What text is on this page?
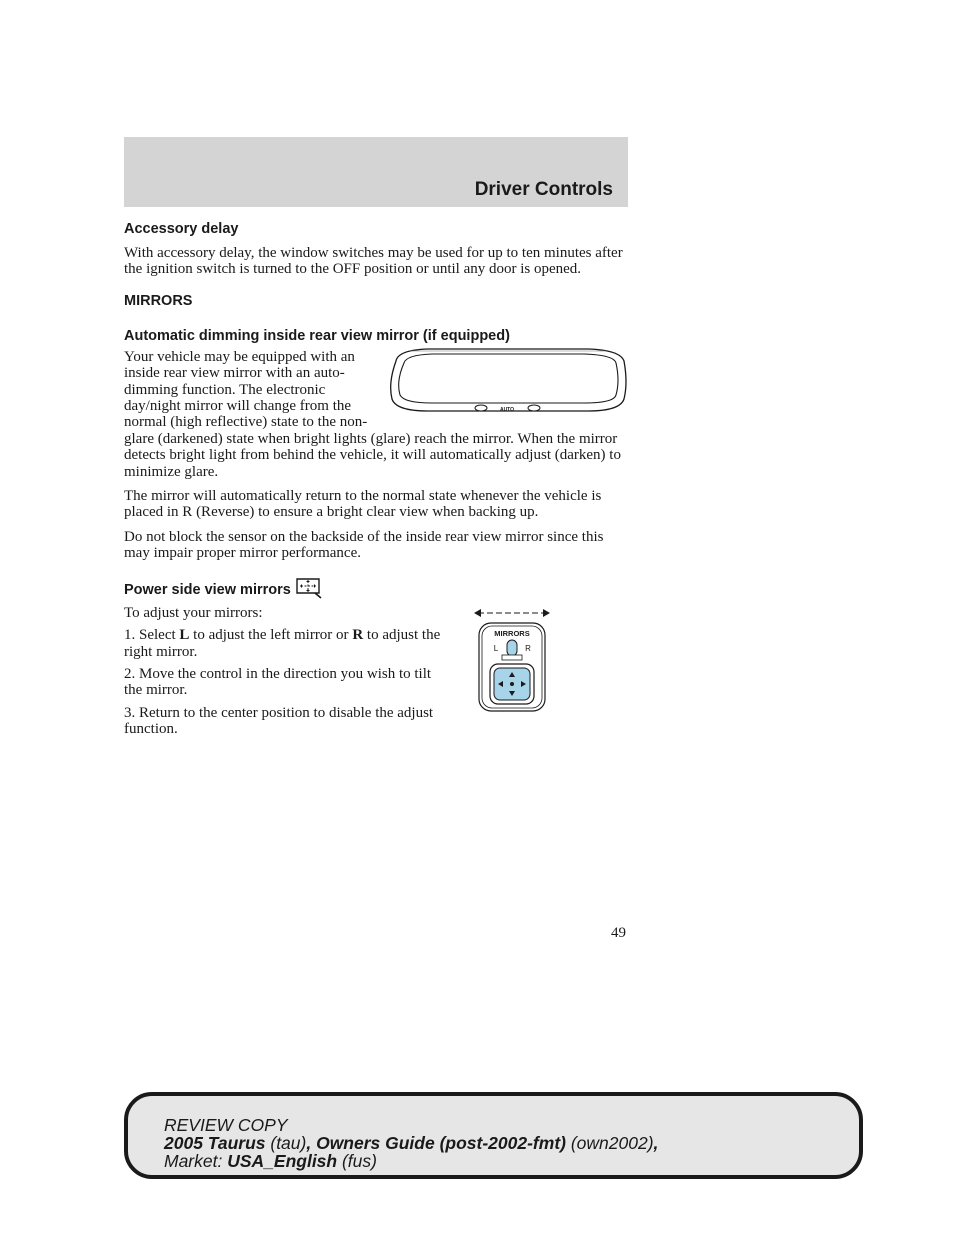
Driver Controls
Accessory delay

With accessory delay, the window switches may be used for up to ten minutes after the ignition switch is turned to the OFF position or until any door is opened.

MIRRORS
Automatic dimming inside rear view mirror (if equipped)
AUTO

Your vehicle may be equipped with an inside rear view mirror with an auto-dimming function. The electronic day/night mirror will change from the normal (high reflective) state to the non-glare (darkened) state when bright lights (glare) reach the mirror. When the mirror detects bright light from behind the vehicle, it will automatically adjust (darken) to minimize glare.

The mirror will automatically return to the normal state whenever the vehicle is placed in R (Reverse) to ensure a bright clear view when backing up.

Do not block the sensor on the backside of the inside rear view mirror since this may impair proper mirror performance.

Power side view mirrors
MIRRORS
L	R

To adjust your mirrors:

1. Select L to adjust the left mirror or R to adjust the right mirror.

2. Move the control in the direction you wish to tilt the mirror.

3. Return to the center position to disable the adjust function.

49
REVIEW COPY
2005 Taurus (tau), Owners Guide (post-2002-fmt) (own2002),
Market: USA_English (fus)
